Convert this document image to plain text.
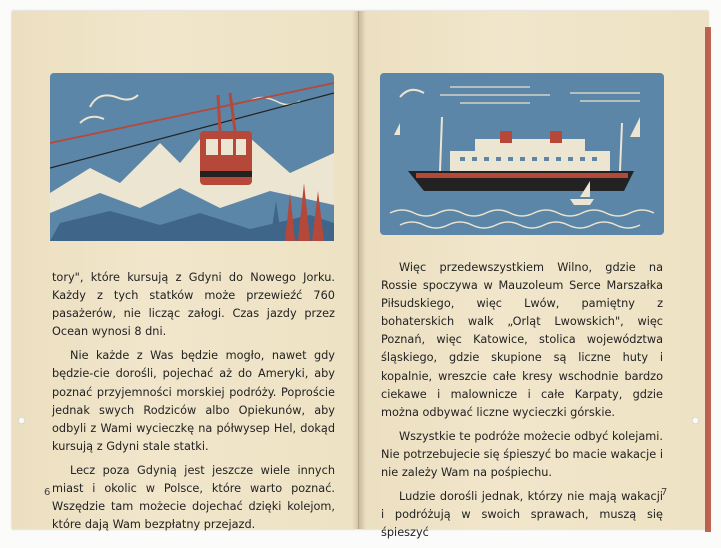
tory", które kursują z Gdyni do Nowego Jorku. Każdy z tych statków może przewieźć 760 pasażerów, nie licząc załogi. Czas jazdy przez Ocean wynosi 8 dni.

Nie każde z Was będzie mogło, nawet gdy będzie-cie dorośli, pojechać aż do Ameryki, aby poznać przyjemności morskiej podróży. Poproście jednak swych Rodziców albo Opiekunów, aby odbyli z Wami wycieczkę na półwysep Hel, dokąd kursują z Gdyni stale statki.

Lecz poza Gdynią jest jeszcze wiele innych miast i okolic w Polsce, które warto poznać. Wszędzie tam możecie dojechać dzięki kolejom, które dają Wam bezpłatny przejazd.

6

Więc przedewszystkiem Wilno, gdzie na Rossie spoczywa w Mauzoleum Serce Marszałka Piłsudskiego, więc Lwów, pamiętny z bohaterskich walk „Orląt Lwowskich", więc Poznań, więc Katowice, stolica województwa śląskiego, gdzie skupione są liczne huty i kopalnie, wreszcie całe kresy wschodnie bardzo ciekawe i malownicze i całe Karpaty, gdzie można odbywać liczne wycieczki górskie.

Wszystkie te podróże możecie odbyć kolejami. Nie potrzebujecie się śpieszyć bo macie wakacje i nie zależy Wam na pośpiechu.

Ludzie dorośli jednak, którzy nie mają wakacji i podróżują w swoich sprawach, muszą się śpieszyć

7
